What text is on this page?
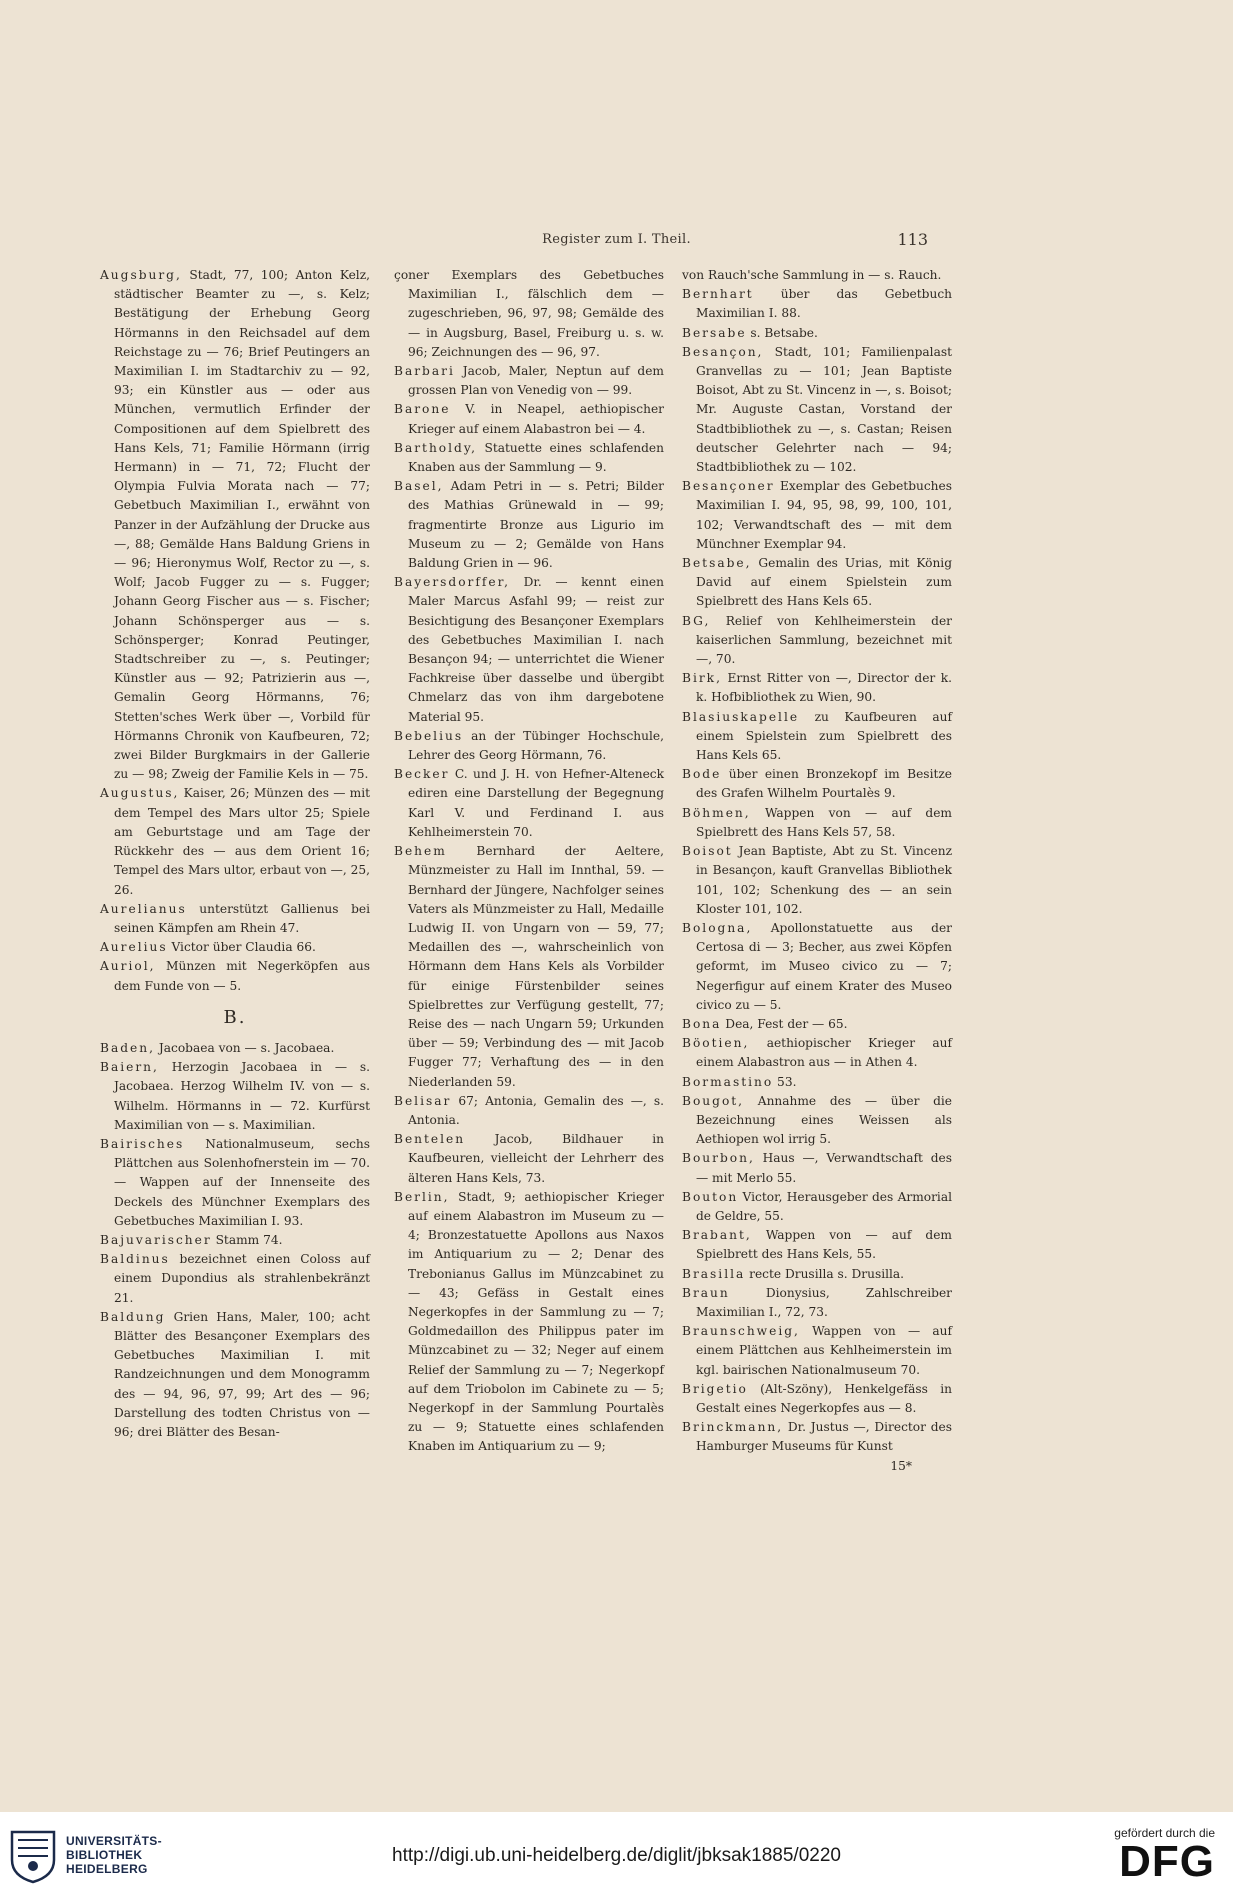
Register zum I. Theil.	113

Augsburg, Stadt, 77, 100; Anton Kelz, städtischer Beamter zu —, s. Kelz; Bestätigung der Erhebung Georg Hörmanns in den Reichsadel auf dem Reichstage zu — 76; Brief Peutingers an Maximilian I. im Stadtarchiv zu — 92, 93; ein Künstler aus — oder aus München, vermutlich Erfinder der Compositionen auf dem Spielbrett des Hans Kels, 71; Familie Hörmann (irrig Hermann) in — 71, 72; Flucht der Olympia Fulvia Morata nach — 77; Gebetbuch Maximilian I., erwähnt von Panzer in der Aufzählung der Drucke aus —, 88; Gemälde Hans Baldung Griens in — 96; Hieronymus Wolf, Rector zu —, s. Wolf; Jacob Fugger zu — s. Fugger; Johann Georg Fischer aus — s. Fischer; Johann Schönsperger aus — s. Schönsperger; Konrad Peutinger, Stadtschreiber zu —, s. Peutinger; Künstler aus — 92; Patrizierin aus —, Gemalin Georg Hörmanns, 76; Stetten'sches Werk über —, Vorbild für Hörmanns Chronik von Kaufbeuren, 72; zwei Bilder Burgkmairs in der Gallerie zu — 98; Zweig der Familie Kels in — 75.

Augustus, Kaiser, 26; Münzen des — mit dem Tempel des Mars ultor 25; Spiele am Geburtstage und am Tage der Rückkehr des — aus dem Orient 16; Tempel des Mars ultor, erbaut von —, 25, 26.

Aurelianus unterstützt Gallienus bei seinen Kämpfen am Rhein 47.

Aurelius Victor über Claudia 66.

Auriol, Münzen mit Negerköpfen aus dem Funde von — 5.

B.

Baden, Jacobaea von — s. Jacobaea.

Baiern, Herzogin Jacobaea in — s. Jacobaea. Herzog Wilhelm IV. von — s. Wilhelm. Hörmanns in — 72. Kurfürst Maximilian von — s. Maximilian.

Bairisches Nationalmuseum, sechs Plättchen aus Solenhofnerstein im — 70. — Wappen auf der Innenseite des Deckels des Münchner Exemplars des Gebetbuches Maximilian I. 93.

Bajuvarischer Stamm 74.

Baldinus bezeichnet einen Coloss auf einem Dupondius als strahlenbekränzt 21.

Baldung Grien Hans, Maler, 100; acht Blätter des Besançoner Exemplars des Gebetbuches Maximilian I. mit Randzeichnungen und dem Monogramm des — 94, 96, 97, 99; Art des — 96; Darstellung des todten Christus von — 96; drei Blätter des Besan-

çoner Exemplars des Gebetbuches Maximilian I., fälschlich dem — zugeschrieben, 96, 97, 98; Gemälde des — in Augsburg, Basel, Freiburg u. s. w. 96; Zeichnungen des — 96, 97.

Barbari Jacob, Maler, Neptun auf dem grossen Plan von Venedig von — 99.

Barone V. in Neapel, aethiopischer Krieger auf einem Alabastron bei — 4.

Bartholdy, Statuette eines schlafenden Knaben aus der Sammlung — 9.

Basel, Adam Petri in — s. Petri; Bilder des Mathias Grünewald in — 99; fragmentirte Bronze aus Ligurio im Museum zu — 2; Gemälde von Hans Baldung Grien in — 96.

Bayersdorffer, Dr. — kennt einen Maler Marcus Asfahl 99; — reist zur Besichtigung des Besançoner Exemplars des Gebetbuches Maximilian I. nach Besançon 94; — unterrichtet die Wiener Fachkreise über dasselbe und übergibt Chmelarz das von ihm dargebotene Material 95.

Bebelius an der Tübinger Hochschule, Lehrer des Georg Hörmann, 76.

Becker C. und J. H. von Hefner-Alteneck ediren eine Darstellung der Begegnung Karl V. und Ferdinand I. aus Kehlheimerstein 70.

Behem Bernhard der Aeltere, Münzmeister zu Hall im Innthal, 59. — Bernhard der Jüngere, Nachfolger seines Vaters als Münzmeister zu Hall, Medaille Ludwig II. von Ungarn von — 59, 77; Medaillen des —, wahrscheinlich von Hörmann dem Hans Kels als Vorbilder für einige Fürstenbilder seines Spielbrettes zur Verfügung gestellt, 77; Reise des — nach Ungarn 59; Urkunden über — 59; Verbindung des — mit Jacob Fugger 77; Verhaftung des — in den Niederlanden 59.

Belisar 67; Antonia, Gemalin des —, s. Antonia.

Bentelen Jacob, Bildhauer in Kaufbeuren, vielleicht der Lehrherr des älteren Hans Kels, 73.

Berlin, Stadt, 9; aethiopischer Krieger auf einem Alabastron im Museum zu — 4; Bronzestatuette Apollons aus Naxos im Antiquarium zu — 2; Denar des Trebonianus Gallus im Münzcabinet zu — 43; Gefäss in Gestalt eines Negerkopfes in der Sammlung zu — 7; Goldmedaillon des Philippus pater im Münzcabinet zu — 32; Neger auf einem Relief der Sammlung zu — 7; Negerkopf auf dem Triobolon im Cabinete zu — 5; Negerkopf in der Sammlung Pourtalès zu — 9; Statuette eines schlafenden Knaben im Antiquarium zu — 9;

von Rauch'sche Sammlung in — s. Rauch.

Bernhart über das Gebetbuch Maximilian I. 88.

Bersabe s. Betsabe.

Besançon, Stadt, 101; Familienpalast Granvellas zu — 101; Jean Baptiste Boisot, Abt zu St. Vincenz in —, s. Boisot; Mr. Auguste Castan, Vorstand der Stadtbibliothek zu —, s. Castan; Reisen deutscher Gelehrter nach — 94; Stadtbibliothek zu — 102.

Besançoner Exemplar des Gebetbuches Maximilian I. 94, 95, 98, 99, 100, 101, 102; Verwandtschaft des — mit dem Münchner Exemplar 94.

Betsabe, Gemalin des Urias, mit König David auf einem Spielstein zum Spielbrett des Hans Kels 65.

BG, Relief von Kehlheimerstein der kaiserlichen Sammlung, bezeichnet mit —, 70.

Birk, Ernst Ritter von —, Director der k. k. Hofbibliothek zu Wien, 90.

Blasiuskapelle zu Kaufbeuren auf einem Spielstein zum Spielbrett des Hans Kels 65.

Bode über einen Bronzekopf im Besitze des Grafen Wilhelm Pourtalès 9.

Böhmen, Wappen von — auf dem Spielbrett des Hans Kels 57, 58.

Boisot Jean Baptiste, Abt zu St. Vincenz in Besançon, kauft Granvellas Bibliothek 101, 102; Schenkung des — an sein Kloster 101, 102.

Bologna, Apollonstatuette aus der Certosa di — 3; Becher, aus zwei Köpfen geformt, im Museo civico zu — 7; Negerfigur auf einem Krater des Museo civico zu — 5.

Bona Dea, Fest der — 65.

Böotien, aethiopischer Krieger auf einem Alabastron aus — in Athen 4.

Bormastino 53.

Bougot, Annahme des — über die Bezeichnung eines Weissen als Aethiopen wol irrig 5.

Bourbon, Haus —, Verwandtschaft des — mit Merlo 55.

Bouton Victor, Herausgeber des Armorial de Geldre, 55.

Brabant, Wappen von — auf dem Spielbrett des Hans Kels, 55.

Brasilla recte Drusilla s. Drusilla.

Braun Dionysius, Zahlschreiber Maximilian I., 72, 73.

Braunschweig, Wappen von — auf einem Plättchen aus Kehlheimerstein im kgl. bairischen Nationalmuseum 70.

Brigetio (Alt-Szöny), Henkelgefäss in Gestalt eines Negerkopfes aus — 8.

Brinckmann, Dr. Justus —, Director des Hamburger Museums für Kunst

15*
UNIVERSITÄTS-
BIBLIOTHEK
HEIDELBERG
http://digi.ub.uni-heidelberg.de/diglit/jbksak1885/0220
gefördert durch die
DFG
